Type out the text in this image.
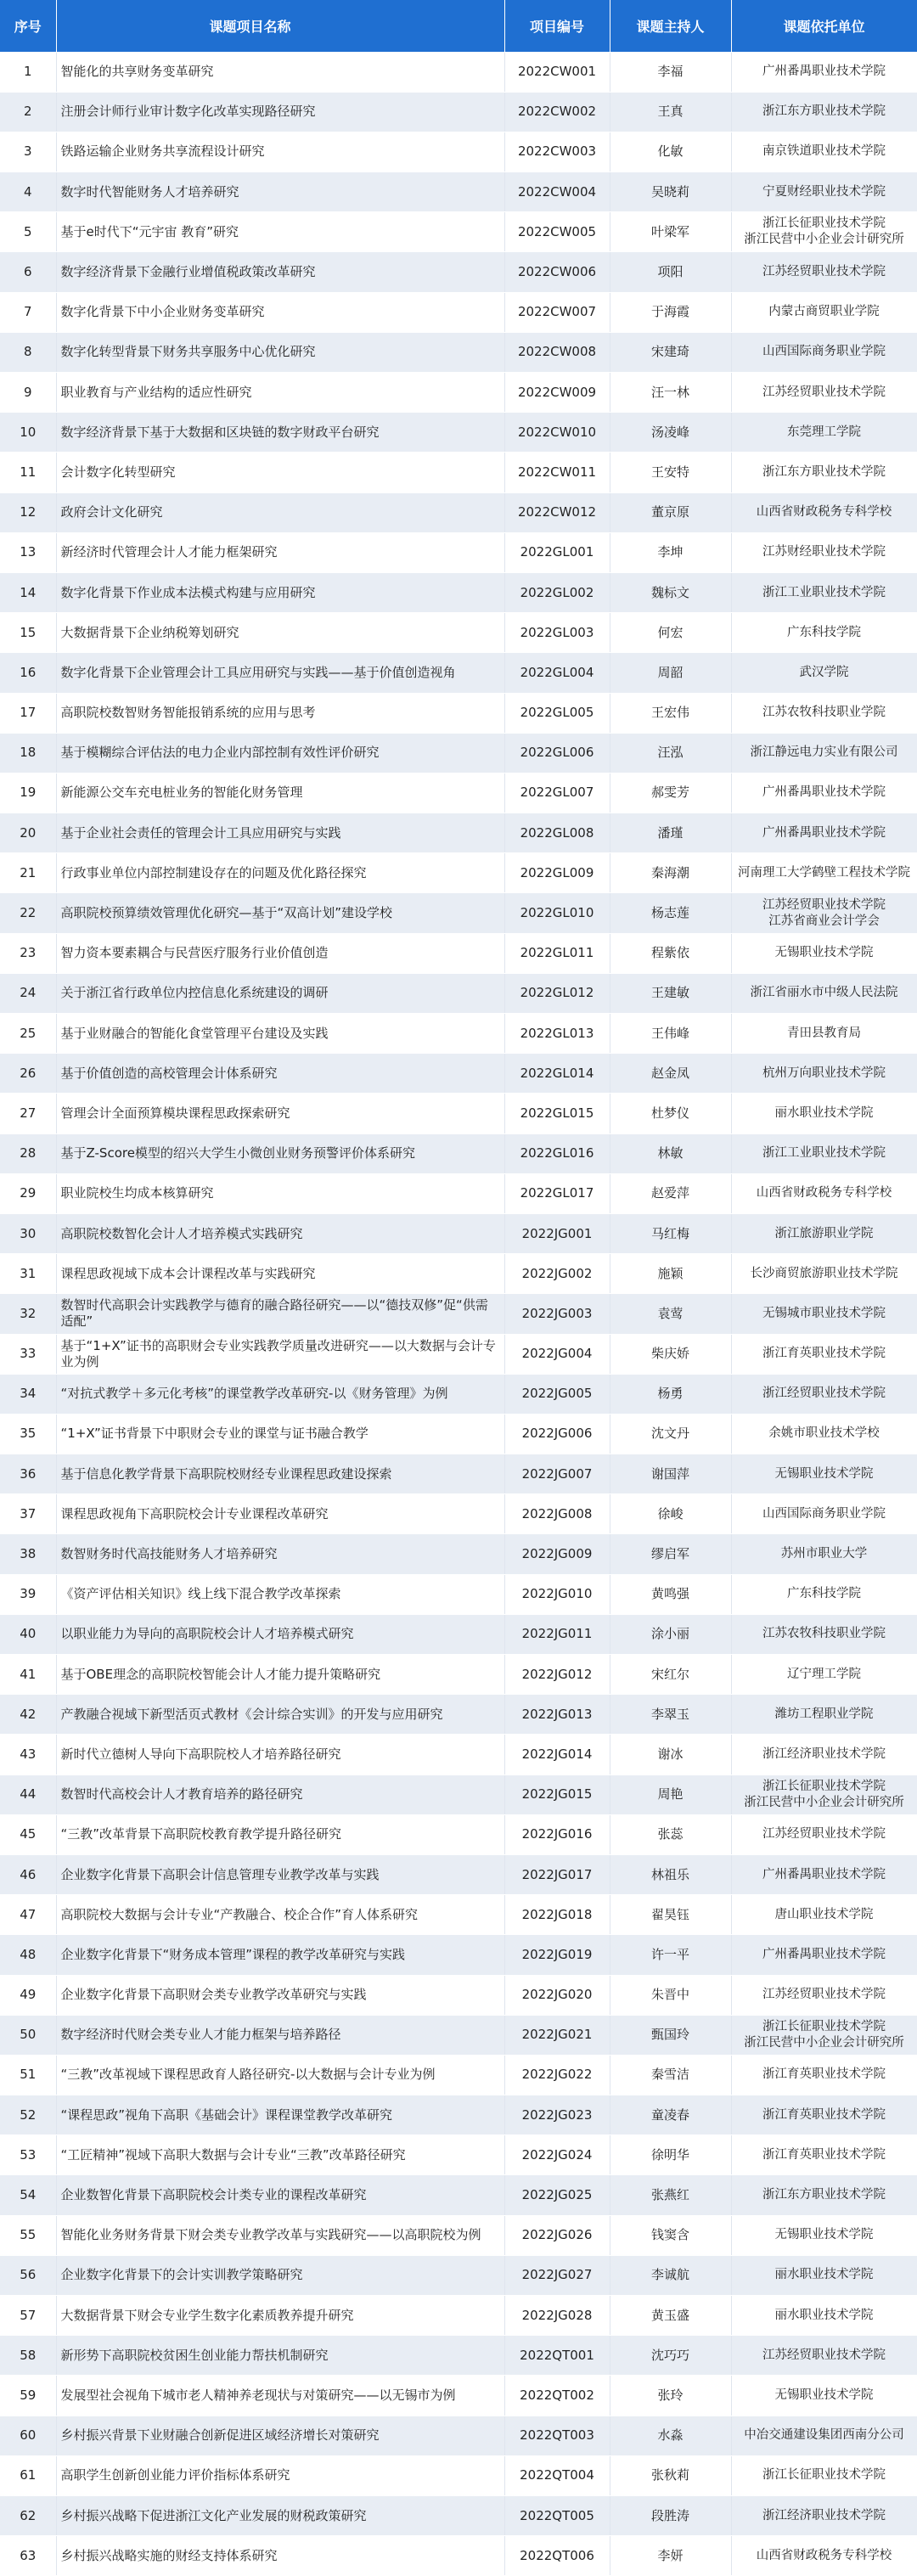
序号	课题项目名称	项目编号	课题主持人	课题依托单位
1	智能化的共享财务变革研究	2022CW001	李福	广州番禺职业技术学院
2	注册会计师行业审计数字化改革实现路径研究	2022CW002	王真	浙江东方职业技术学院
3	铁路运输企业财务共享流程设计研究	2022CW003	化敏	南京铁道职业技术学院
4	数字时代智能财务人才培养研究	2022CW004	吴晓莉	宁夏财经职业技术学院
5	基于e时代下“元宇宙 教育”研究	2022CW005	叶梁军	浙江长征职业技术学院
浙江民营中小企业会计研究所
6	数字经济背景下金融行业增值税政策改革研究	2022CW006	项阳	江苏经贸职业技术学院
7	数字化背景下中小企业财务变革研究	2022CW007	于海霞	内蒙古商贸职业学院
8	数字化转型背景下财务共享服务中心优化研究	2022CW008	宋建琦	山西国际商务职业学院
9	职业教育与产业结构的适应性研究	2022CW009	汪一林	江苏经贸职业技术学院
10	数字经济背景下基于大数据和区块链的数字财政平台研究	2022CW010	汤凌峰	东莞理工学院
11	会计数字化转型研究	2022CW011	王安特	浙江东方职业技术学院
12	政府会计文化研究	2022CW012	董京原	山西省财政税务专科学校
13	新经济时代管理会计人才能力框架研究	2022GL001	李坤	江苏财经职业技术学院
14	数字化背景下作业成本法模式构建与应用研究	2022GL002	魏标文	浙江工业职业技术学院
15	大数据背景下企业纳税筹划研究	2022GL003	何宏	广东科技学院
16	数字化背景下企业管理会计工具应用研究与实践——基于价值创造视角	2022GL004	周韶	武汉学院
17	高职院校数智财务智能报销系统的应用与思考	2022GL005	王宏伟	江苏农牧科技职业学院
18	基于模糊综合评估法的电力企业内部控制有效性评价研究	2022GL006	汪泓	浙江静远电力实业有限公司
19	新能源公交车充电桩业务的智能化财务管理	2022GL007	郝雯芳	广州番禺职业技术学院
20	基于企业社会责任的管理会计工具应用研究与实践	2022GL008	潘瑾	广州番禺职业技术学院
21	行政事业单位内部控制建设存在的问题及优化路径探究	2022GL009	秦海潮	河南理工大学鹤壁工程技术学院
22	高职院校预算绩效管理优化研究—基于“双高计划”建设学校	2022GL010	杨志莲	江苏经贸职业技术学院
江苏省商业会计学会
23	智力资本要素耦合与民营医疗服务行业价值创造	2022GL011	程紫依	无锡职业技术学院
24	关于浙江省行政单位内控信息化系统建设的调研	2022GL012	王建敏	浙江省丽水市中级人民法院
25	基于业财融合的智能化食堂管理平台建设及实践	2022GL013	王伟峰	青田县教育局
26	基于价值创造的高校管理会计体系研究	2022GL014	赵金凤	杭州万向职业技术学院
27	管理会计全面预算模块课程思政探索研究	2022GL015	杜梦仪	丽水职业技术学院
28	基于Z-Score模型的绍兴大学生小微创业财务预警评价体系研究	2022GL016	林敏	浙江工业职业技术学院
29	职业院校生均成本核算研究	2022GL017	赵爱萍	山西省财政税务专科学校
30	高职院校数智化会计人才培养模式实践研究	2022JG001	马红梅	浙江旅游职业学院
31	课程思政视域下成本会计课程改革与实践研究	2022JG002	施颖	长沙商贸旅游职业技术学院
32	数智时代高职会计实践教学与德育的融合路径研究——以“德技双修”促“供需适配”	2022JG003	袁莺	无锡城市职业技术学院
33	基于“1+X”证书的高职财会专业实践教学质量改进研究——以大数据与会计专业为例	2022JG004	柴庆娇	浙江育英职业技术学院
34	“对抗式教学＋多元化考核”的课堂教学改革研究-以《财务管理》为例	2022JG005	杨勇	浙江经贸职业技术学院
35	“1+X”证书背景下中职财会专业的课堂与证书融合教学	2022JG006	沈文丹	余姚市职业技术学校
36	基于信息化教学背景下高职院校财经专业课程思政建设探索	2022JG007	谢国萍	无锡职业技术学院
37	课程思政视角下高职院校会计专业课程改革研究	2022JG008	徐峻	山西国际商务职业学院
38	数智财务时代高技能财务人才培养研究	2022JG009	缪启军	苏州市职业大学
39	《资产评估相关知识》线上线下混合教学改革探索	2022JG010	黄鸣强	广东科技学院
40	以职业能力为导向的高职院校会计人才培养模式研究	2022JG011	涂小丽	江苏农牧科技职业学院
41	基于OBE理念的高职院校智能会计人才能力提升策略研究	2022JG012	宋红尔	辽宁理工学院
42	产教融合视域下新型活页式教材《会计综合实训》的开发与应用研究	2022JG013	李翠玉	潍坊工程职业学院
43	新时代立德树人导向下高职院校人才培养路径研究	2022JG014	谢冰	浙江经济职业技术学院
44	数智时代高校会计人才教育培养的路径研究	2022JG015	周艳	浙江长征职业技术学院
浙江民营中小企业会计研究所
45	“三教”改革背景下高职院校教育教学提升路径研究	2022JG016	张蕊	江苏经贸职业技术学院
46	企业数字化背景下高职会计信息管理专业教学改革与实践	2022JG017	林祖乐	广州番禺职业技术学院
47	高职院校大数据与会计专业“产教融合、校企合作”育人体系研究	2022JG018	翟昊钰	唐山职业技术学院
48	企业数字化背景下“财务成本管理”课程的教学改革研究与实践	2022JG019	许一平	广州番禺职业技术学院
49	企业数字化背景下高职财会类专业教学改革研究与实践	2022JG020	朱晋中	江苏经贸职业技术学院
50	数字经济时代财会类专业人才能力框架与培养路径	2022JG021	甄国玲	浙江长征职业技术学院
浙江民营中小企业会计研究所
51	“三教”改革视域下课程思政育人路径研究-以大数据与会计专业为例	2022JG022	秦雪洁	浙江育英职业技术学院
52	“课程思政”视角下高职《基础会计》课程课堂教学改革研究	2022JG023	童凌春	浙江育英职业技术学院
53	“工匠精神”视域下高职大数据与会计专业“三教”改革路径研究	2022JG024	徐明华	浙江育英职业技术学院
54	企业数智化背景下高职院校会计类专业的课程改革研究	2022JG025	张燕红	浙江东方职业技术学院
55	智能化业务财务背景下财会类专业教学改革与实践研究——以高职院校为例	2022JG026	钱窦含	无锡职业技术学院
56	企业数字化背景下的会计实训教学策略研究	2022JG027	李诚航	丽水职业技术学院
57	大数据背景下财会专业学生数字化素质教养提升研究	2022JG028	黄玉盛	丽水职业技术学院
58	新形势下高职院校贫困生创业能力帮扶机制研究	2022QT001	沈巧巧	江苏经贸职业技术学院
59	发展型社会视角下城市老人精神养老现状与对策研究——以无锡市为例	2022QT002	张玲	无锡职业技术学院
60	乡村振兴背景下业财融合创新促进区域经济增长对策研究	2022QT003	水淼	中冶交通建设集团西南分公司
61	高职学生创新创业能力评价指标体系研究	2022QT004	张秋莉	浙江长征职业技术学院
62	乡村振兴战略下促进浙江文化产业发展的财税政策研究	2022QT005	段胜涛	浙江经济职业技术学院
63	乡村振兴战略实施的财经支持体系研究	2022QT006	李妍	山西省财政税务专科学校
